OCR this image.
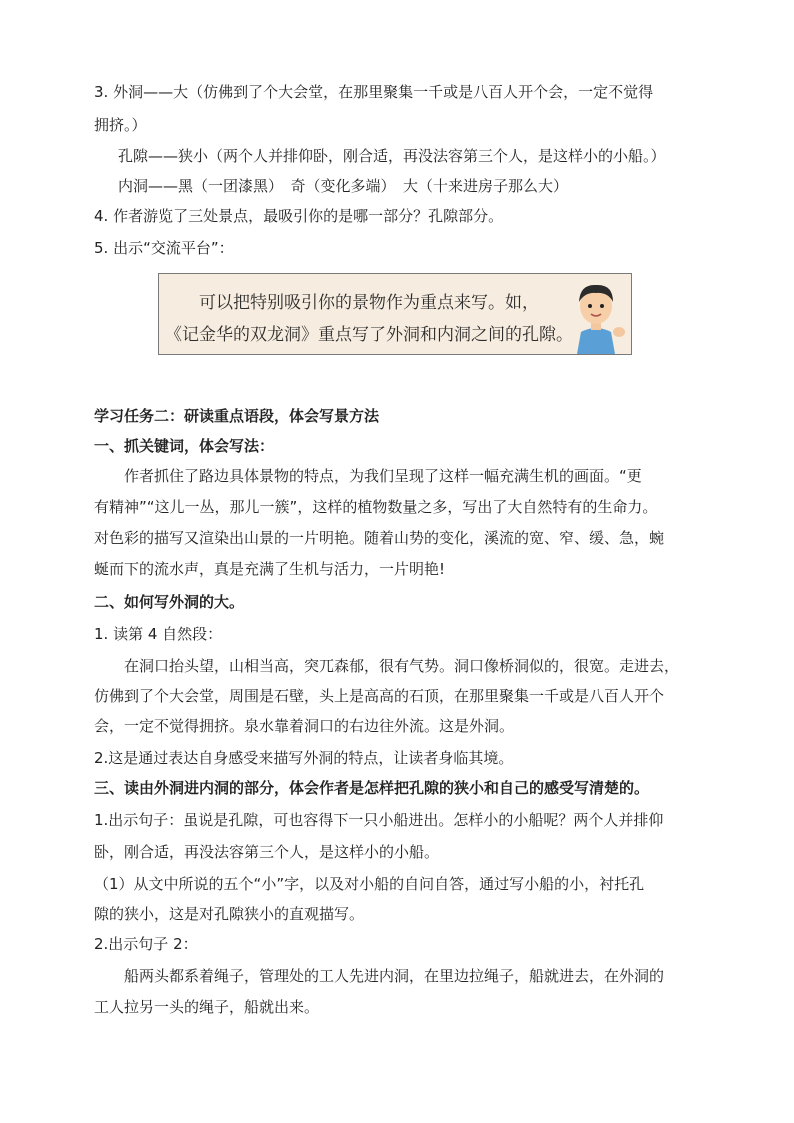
3. 外洞——大（仿佛到了个大会堂，在那里聚集一千或是八百人开个会，一定不觉得
拥挤。）
孔隙——狭小（两个人并排仰卧，刚合适，再没法容第三个人，是这样小的小船。）
内洞——黑（一团漆黑）　奇（变化多端）　大（十来进房子那么大）
4. 作者游览了三处景点，最吸引你的是哪一部分？孔隙部分。
5. 出示“交流平台”：
可以把特别吸引你的景物作为重点来写。如，
《记金华的双龙洞》重点写了外洞和内洞之间的孔隙。
学习任务二：研读重点语段，体会写景方法
一、抓关键词，体会写法：
　　作者抓住了路边具体景物的特点，为我们呈现了这样一幅充满生机的画面。“更
有精神”“这儿一丛，那儿一簇”，这样的植物数量之多，写出了大自然特有的生命力。
对色彩的描写又渲染出山景的一片明艳。随着山势的变化，溪流的宽、窄、缓、急，蜿
蜒而下的流水声，真是充满了生机与活力，一片明艳!
二、如何写外洞的大。
1. 读第 4 自然段：
　　在洞口抬头望，山相当高，突兀森郁，很有气势。洞口像桥洞似的，很宽。走进去，
仿佛到了个大会堂，周围是石壁，头上是高高的石顶，在那里聚集一千或是八百人开个
会，一定不觉得拥挤。泉水靠着洞口的右边往外流。这是外洞。
2.这是通过表达自身感受来描写外洞的特点，让读者身临其境。
三、读由外洞进内洞的部分，体会作者是怎样把孔隙的狭小和自己的感受写清楚的。
1.出示句子：虽说是孔隙，可也容得下一只小船进出。怎样小的小船呢？两个人并排仰
卧，刚合适，再没法容第三个人，是这样小的小船。
（1）从文中所说的五个“小”字，以及对小船的自问自答，通过写小船的小，衬托孔
隙的狭小，这是对孔隙狭小的直观描写。
2.出示句子 2：
　　船两头都系着绳子，管理处的工人先进内洞，在里边拉绳子，船就进去，在外洞的
工人拉另一头的绳子，船就出来。
